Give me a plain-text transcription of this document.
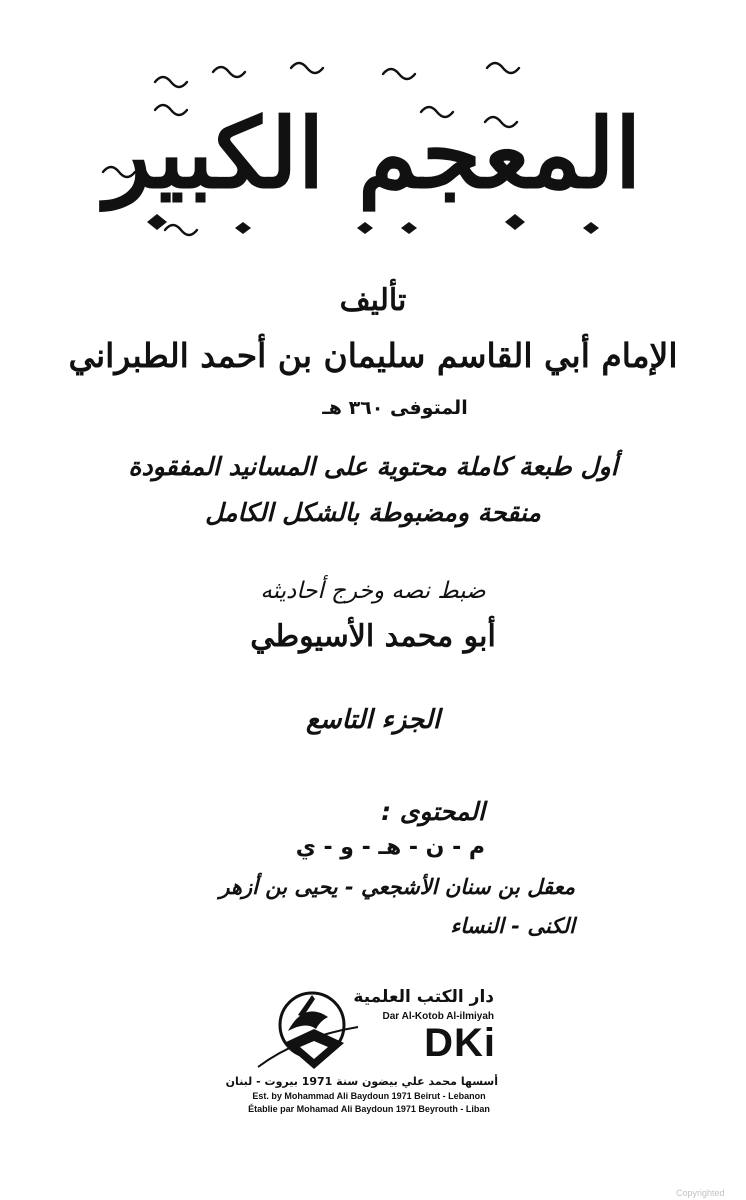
المعجم الكبير
تأليف
الإمام أبي القاسم سليمان بن أحمد الطبراني
المتوفى ٣٦٠ هـ
أول طبعة كاملة محتوية على المسانيد المفقودة
منقحة ومضبوطة بالشكل الكامل
ضبط نصه وخرج أحاديثه
أبو محمد الأسيوطي
الجزء التاسع
المحتوى :
م - ن - هـ - و - ي
معقل بن سنان الأشجعي - يحيى بن أزهر
الكنى - النساء
دار الكتب العلمية
Dar Al-Kotob Al-ilmiyah
DKi
أسسها محمد علي بيضون سنة 1971 بيروت - لبنان
Est. by Mohammad Ali Baydoun 1971 Beirut - Lebanon
Établie par Mohamad Ali Baydoun 1971 Beyrouth - Liban
Copyrighted
